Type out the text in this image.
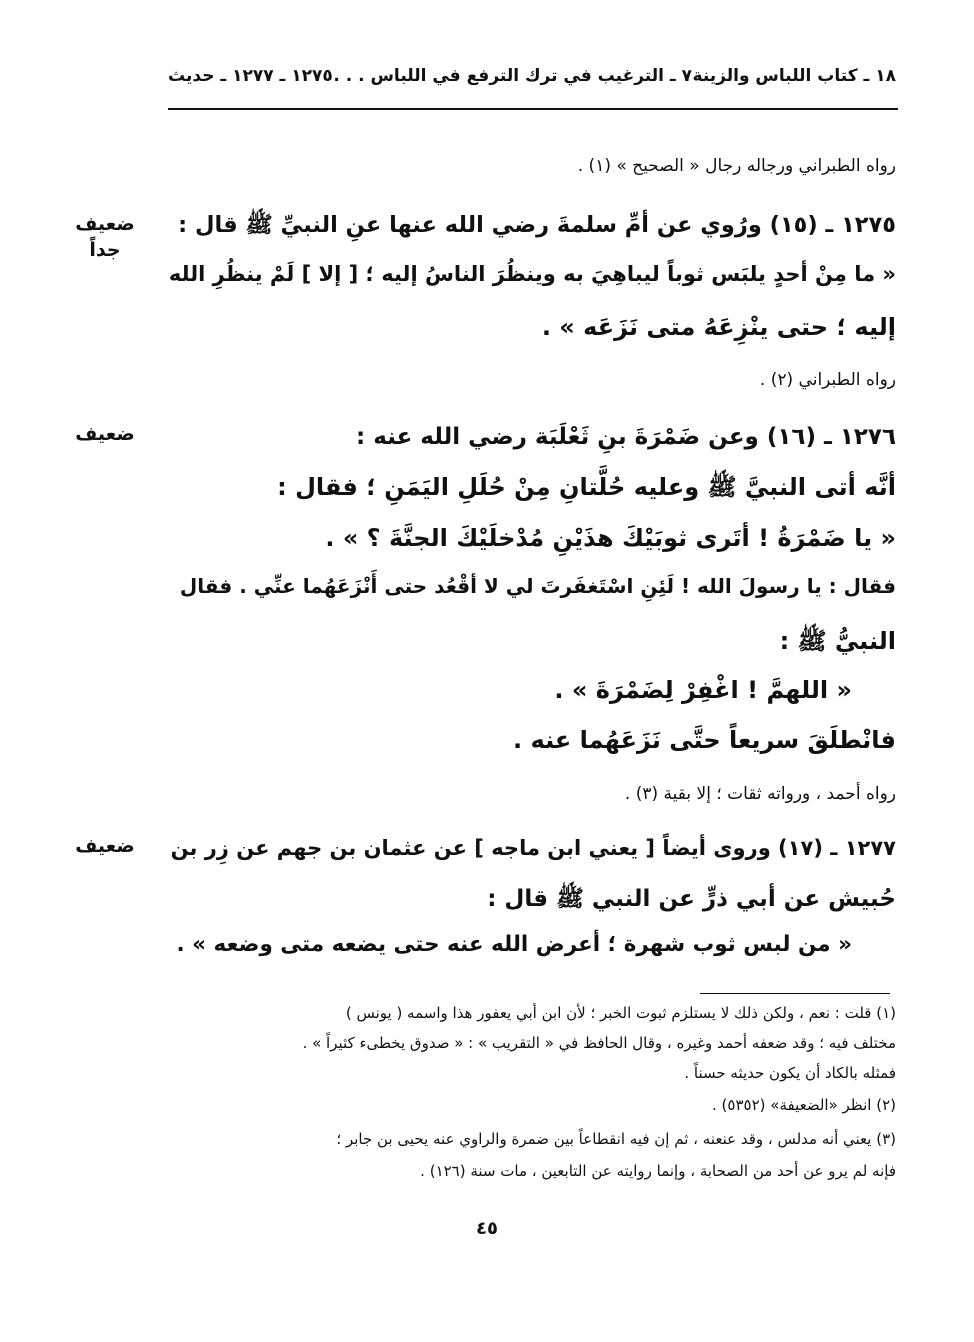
١٨ ـ كتاب اللباس والزينة
٧ ـ الترغيب في ترك الترفع في اللباس . . .
١٢٧٥ ـ ١٢٧٧ ـ حديث
رواه الطبراني ورجاله رجال « الصحيح » (١) .
١٢٧٥ ـ (١٥) ورُوي عن أمِّ سلمةَ رضي الله عنها عنِ النبيِّ ﷺ قال :
« ما مِنْ أحدٍ يلبَس ثوباً ليباهِيَ به وينظُرَ الناسُ إليه ؛ [ إلا ] لَمْ ينظُرِ الله
إليه ؛ حتى ينْزِعَهُ متى نَزَعَه » .
رواه الطبراني (٢) .
ضعيف
جداً
١٢٧٦ ـ (١٦) وعن ضَمْرَةَ بنِ ثَعْلَبَة رضي الله عنه :
ضعيف
أنَّه أتى النبيَّ ﷺ وعليه حُلَّتانِ مِنْ حُلَلِ اليَمَنِ ؛ فقال :
« يا ضَمْرَةُ ! أتَرى ثوبَيْكَ هذَيْنِ مُدْخلَيْكَ الجنَّةَ ؟ » .
فقال : يا رسولَ الله ! لَئِنِ اسْتَغفَرتَ لي لا أقْعُد حتى أَنْزَعَهُما عنِّي . فقال
النبيُّ ﷺ :
« اللهمَّ ! اغْفِرْ لِضَمْرَةَ » .
فانْطلَقَ سريعاً حتَّى نَزَعَهُما عنه .
رواه أحمد ، ورواته ثقات ؛ إلا بقية (٣) .
١٢٧٧ ـ (١٧) وروى أيضاً [ يعني ابن ماجه ] عن عثمان بن جهم عن زِر بن
ضعيف
حُبيش عن أبي ذرٍّ عن النبي ﷺ قال :
« من لبس ثوب شهرة ؛ أعرض الله عنه حتى يضعه متى وضعه » .
(١) قلت : نعم ، ولكن ذلك لا يستلزم ثبوت الخبر ؛ لأن ابن أبي يعفور هذا واسمه ( يونس )
مختلف فيه ؛ وقد ضعفه أحمد وغيره ، وقال الحافظ في « التقريب » : « صدوق يخطىء كثيراً » .
فمثله بالكاد أن يكون حديثه حسناً .
(٢) انظر «الضعيفة» (٥٣٥٢) .
(٣) يعني أنه مدلس ، وقد عنعنه ، ثم إن فيه انقطاعاً بين ضمرة والراوي عنه يحيى بن جابر ؛
فإنه لم يرو عن أحد من الصحابة ، وإنما روايته عن التابعين ، مات سنة (١٢٦) .
٤٥
